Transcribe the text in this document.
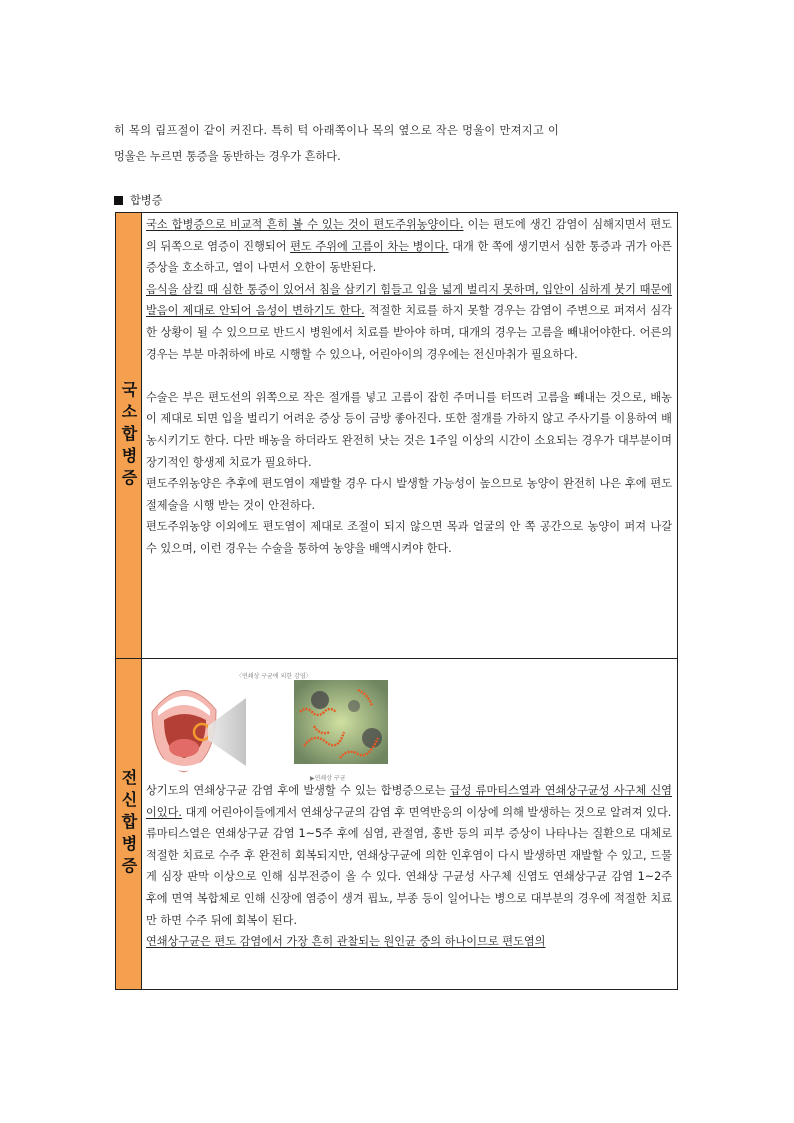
히 목의 림프절이 같이 커진다. 특히 턱 아래쪽이나 목의 옆으로 작은 멍울이 만져지고 이
멍울은 누르면 통증을 동반하는 경우가 흔하다.
합병증
국소합병증

국소 합병증으로 비교적 흔히 볼 수 있는 것이 편도주위농양이다. 이는 편도에 생긴 감염이 심해지면서 편도의 뒤쪽으로 염증이 진행되어 편도 주위에 고름이 차는 병이다. 대개 한 쪽에 생기면서 심한 통증과 귀가 아픈 증상을 호소하고, 열이 나면서 오한이 동반된다.

음식을 삼킬 때 심한 통증이 있어서 침을 삼키기 힘들고 입을 넓게 벌리지 못하며, 입안이 심하게 붓기 때문에 발음이 제대로 안되어 음성이 변하기도 한다. 적절한 치료를 하지 못할 경우는 감염이 주변으로 퍼져서 심각한 상황이 될 수 있으므로 반드시 병원에서 치료를 받아야 하며, 대개의 경우는 고름을 빼내어야한다. 어른의 경우는 부분 마취하에 바로 시행할 수 있으나, 어린아이의 경우에는 전신마취가 필요하다.

수술은 부은 편도선의 위쪽으로 작은 절개를 넣고 고름이 잡힌 주머니를 터뜨려 고름을 빼내는 것으로, 배농이 제대로 되면 입을 벌리기 어려운 증상 등이 금방 좋아진다. 또한 절개를 가하지 않고 주사기를 이용하여 배농시키기도 한다. 다만 배농을 하더라도 완전히 낫는 것은 1주일 이상의 시간이 소요되는 경우가 대부분이며 장기적인 항생제 치료가 필요하다.

편도주위농양은 추후에 편도염이 재발할 경우 다시 발생할 가능성이 높으므로 농양이 완전히 나은 후에 편도절제술을 시행 받는 것이 안전하다.

편도주위농양 이외에도 편도염이 제대로 조절이 되지 않으면 목과 얼굴의 안 쪽 공간으로 농양이 퍼져 나갈 수 있으며, 이런 경우는 수술을 통하여 농양을 배액시켜야 한다.

전신합병증
〈연쇄상 구균에 의한 감염〉
▶연쇄상 구균

상기도의 연쇄상구균 감염 후에 발생할 수 있는 합병증으로는 급성 류마티스열과 연쇄상구균성 사구체 신염이있다. 대게 어린아이들에게서 연쇄상구균의 감염 후 면역반응의 이상에 의해 발생하는 것으로 알려져 있다.

류마티스열은 연쇄상구균 감염 1~5주 후에 심염, 관절염, 홍반 등의 피부 증상이 나타나는 질환으로 대체로 적절한 치료로 수주 후 완전히 회복되지만, 연쇄상구균에 의한 인후염이 다시 발생하면 재발할 수 있고, 드물게 심장 판막 이상으로 인해 심부전증이 올 수 있다. 연쇄상 구균성 사구체 신염도 연쇄상구균 감염 1~2주 후에 면역 복합체로 인해 신장에 염증이 생겨 핍뇨, 부종 등이 일어나는 병으로 대부분의 경우에 적절한 치료만 하면 수주 뒤에 회복이 된다.

연쇄상구균은 편도 감염에서 가장 흔히 관찰되는 원인균 중의 하나이므로 편도염의
